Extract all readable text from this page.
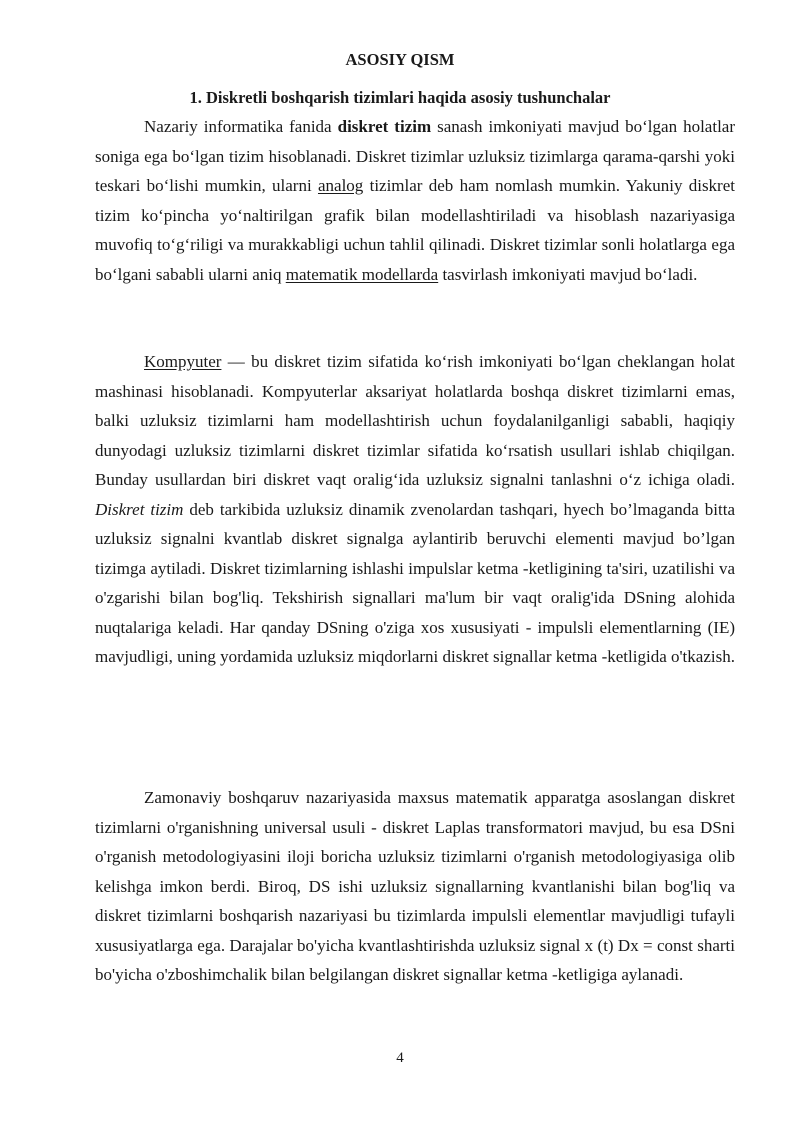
ASOSIY QISM
1. Diskretli boshqarish tizimlari haqida asosiy tushunchalar

Nazariy informatika fanida diskret tizim sanash imkoniyati mavjud bo‘lgan holatlar soniga ega bo‘lgan tizim hisoblanadi. Diskret tizimlar uzluksiz tizimlarga qarama-qarshi yoki teskari bo‘lishi mumkin, ularni analog tizimlar deb ham nomlash mumkin. Yakuniy diskret tizim ko‘pincha yo‘naltirilgan grafik bilan modellashtiriladi va hisoblash nazariyasiga muvofiq to‘g‘riligi va murakkabligi uchun tahlil qilinadi. Diskret tizimlar sonli holatlarga ega bo‘lgani sababli ularni aniq matematik modellarda tasvirlash imkoniyati mavjud bo‘ladi.

Kompyuter — bu diskret tizim sifatida ko‘rish imkoniyati bo‘lgan cheklangan holat mashinasi hisoblanadi. Kompyuterlar aksariyat holatlarda boshqa diskret tizimlarni emas, balki uzluksiz tizimlarni ham modellashtirish uchun foydalanilganligi sababli, haqiqiy dunyodagi uzluksiz tizimlarni diskret tizimlar sifatida ko‘rsatish usullari ishlab chiqilgan. Bunday usullardan biri diskret vaqt oralig‘ida uzluksiz signalni tanlashni o‘z ichiga oladi. Diskret tizim deb tarkibida uzluksiz dinamik zvenolardan tashqari, hyech bo’lmaganda bitta uzluksiz signalni kvantlab diskret signalga aylantirib beruvchi elementi mavjud bo’lgan tizimga aytiladi. Diskret tizimlarning ishlashi impulslar ketma -ketligining ta'siri, uzatilishi va o'zgarishi bilan bog'liq. Tekshirish signallari ma'lum bir vaqt oralig'ida DSning alohida nuqtalariga keladi. Har qanday DSning o'ziga xos xususiyati - impulsli elementlarning (IE) mavjudligi, uning yordamida uzluksiz miqdorlarni diskret signallar ketma -ketligida o'tkazish.

Zamonaviy boshqaruv nazariyasida maxsus matematik apparatga asoslangan diskret tizimlarni o'rganishning universal usuli - diskret Laplas transformatori mavjud, bu esa DSni o'rganish metodologiyasini iloji boricha uzluksiz tizimlarni o'rganish metodologiyasiga olib kelishga imkon berdi. Biroq, DS ishi uzluksiz signallarning kvantlanishi bilan bog'liq va diskret tizimlarni boshqarish nazariyasi bu tizimlarda impulsli elementlar mavjudligi tufayli xususiyatlarga ega. Darajalar bo'yicha kvantlashtirishda uzluksiz signal x (t) Dx = const sharti bo'yicha o'zboshimchalik bilan belgilangan diskret signallar ketma -ketligiga aylanadi.

4
